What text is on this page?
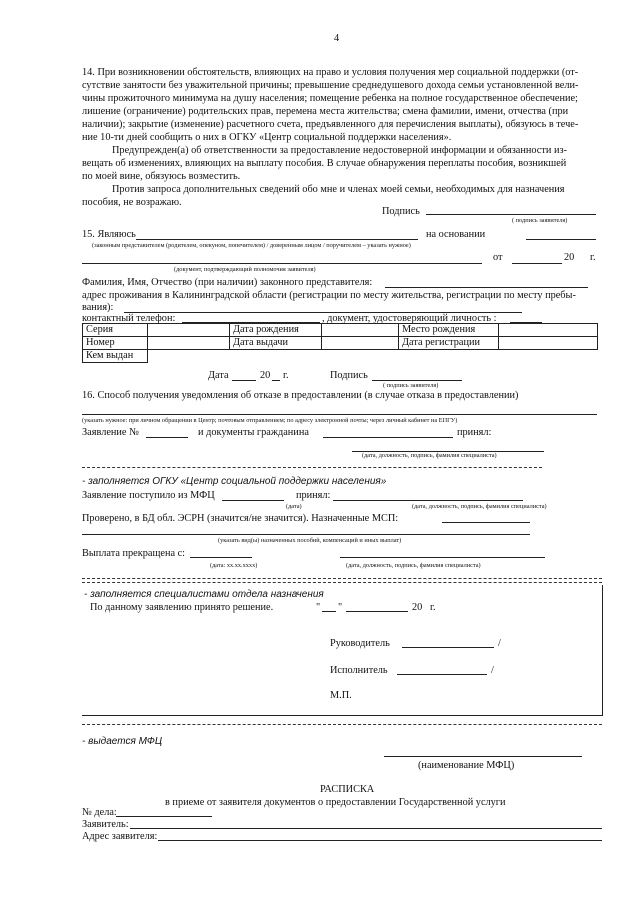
4
14. При возникновении обстоятельств, влияющих на право и условия получения мер социальной поддержки (от-
сутствие занятости без уважительной причины; превышение среднедушевого дохода семьи установленной вели-
чины прожиточного минимума на душу населения; помещение ребенка на полное государственное обеспечение;
лишение (ограничение) родительских прав, перемена места жительства; смена фамилии, имени, отчества (при
наличии); закрытие (изменение) расчетного счета, предъявленного для перечисления выплаты), обязуюсь в тече-
ние 10-ти дней сообщить о них в ОГКУ «Центр социальной поддержки населения».
Предупрежден(а) об ответственности за предоставление недостоверной информации и обязанности из-
вещать об изменениях, влияющих на выплату пособия. В случае обнаружения переплаты пособия, возникшей
по моей вине, обязуюсь возместить.
Против запроса дополнительных сведений обо мне и членах моей семьи, необходимых для назначения
пособия, не возражаю.
Подпись
( подпись заявителя)
15. Являюсь	на основании
(законным представителем (родителем, опекуном, попечителем) / доверенным лицом / поручителем – указать нужное)
от	20 г.
(документ, подтверждающий полномочия заявителя)
Фамилия, Имя, Отчество (при наличии) законного представителя:
адрес проживания в Калининградской области (регистрации по месту жительства, регистрации по месту пребы-
вания):
контактный телефон:	, документ, удостоверяющий личность :
Серия		Дата рождения		Место рождения	
Номер		Дата выдачи		Дата регистрации	
Кем выдан					
Дата	20 г.	Подпись
( подпись заявителя)
16. Способ получения уведомления об отказе в предоставлении (в случае отказа в предоставлении)
(указать нужное: при личном обращении в Центр; почтовым отправлением; по адресу электронной почты; через личный кабинет на ЕПГУ)
Заявление №	и документы гражданина	принял:
(дата, должность, подпись, фамилия специалиста)
- заполняется ОГКУ «Центр социальной поддержки населения»
Заявление поступило из МФЦ	принял:
(дата)	(дата, должность, подпись, фамилия специалиста)
Проверено, в БД обл. ЭСРН (значится/не значится). Назначенные МСП:
(указать вид(ы) назначенных пособий, компенсаций и иных выплат)
Выплата прекращена с:
(дата: хх.хх.хххх)	(дата, должность, подпись, фамилия специалиста)
- заполняется специалистами отдела назначения
По данному заявлению принято решение.	" "	20 г.
Руководитель	/
Исполнитель	/
М.П.
- выдается МФЦ
(наименование МФЦ)
РАСПИСКА
в приеме от заявителя документов о предоставлении Государственной услуги
№ дела:
Заявитель:
Адрес заявителя:
